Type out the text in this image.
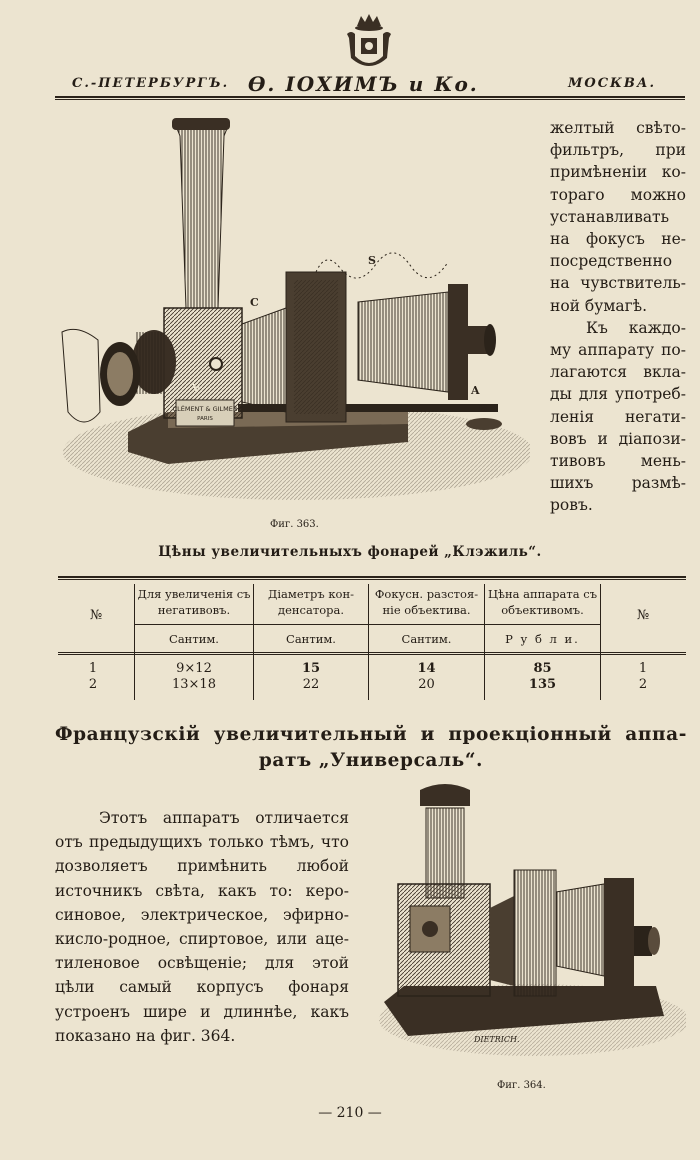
С.-ПЕТЕРБУРГЪ. Ѳ. IОХИМЪ и Ко.	МОСКВА.
CLÉMENT & GILMER
PARIS
C
S
R
V	A
B
Фиг. 363.

желтый свѣто-фильтръ, при примѣненiи ко-тораго можно устанавливать на фокусъ не-посредственно на чувствитель-ной бумагѣ.

Къ каждо-му аппарату по-лагаются вкла-ды для употреб-ленiя негати-вовъ и дiапози-тивовъ мень-шихъ размѣ-ровъ.

Цѣны увеличительныхъ фонарей „Клэжиль“.
№
Для увеличенiя съ негативовъ.
Дiаметръ кон-денсатора.
Фокусн. разстоя-нiе объектива.
Цѣна аппарата съ объективомъ.	№
Сантим.	Сантим.	Сантим.	Р у б л и.
1	9×12	15	14	85	1
2	13×18	22	20	135	2
Французскiй увеличительный и проекцiонный аппа-ратъ „Универсаль“.
Этотъ аппаратъ отличается отъ предыдущихъ только тѣмъ, что дозволяетъ примѣнить любой источникъ свѣта, какъ то: керо-синовое, электрическое, эфирно-кисло-родное, спиртовое, или аце-тиленовое освѣщенiе; для этой цѣли самый корпусъ фонаря устроенъ шире и длиннѣе, какъ показано на фиг. 364.	DIETRICH.
Фиг. 364.
— 210 —
